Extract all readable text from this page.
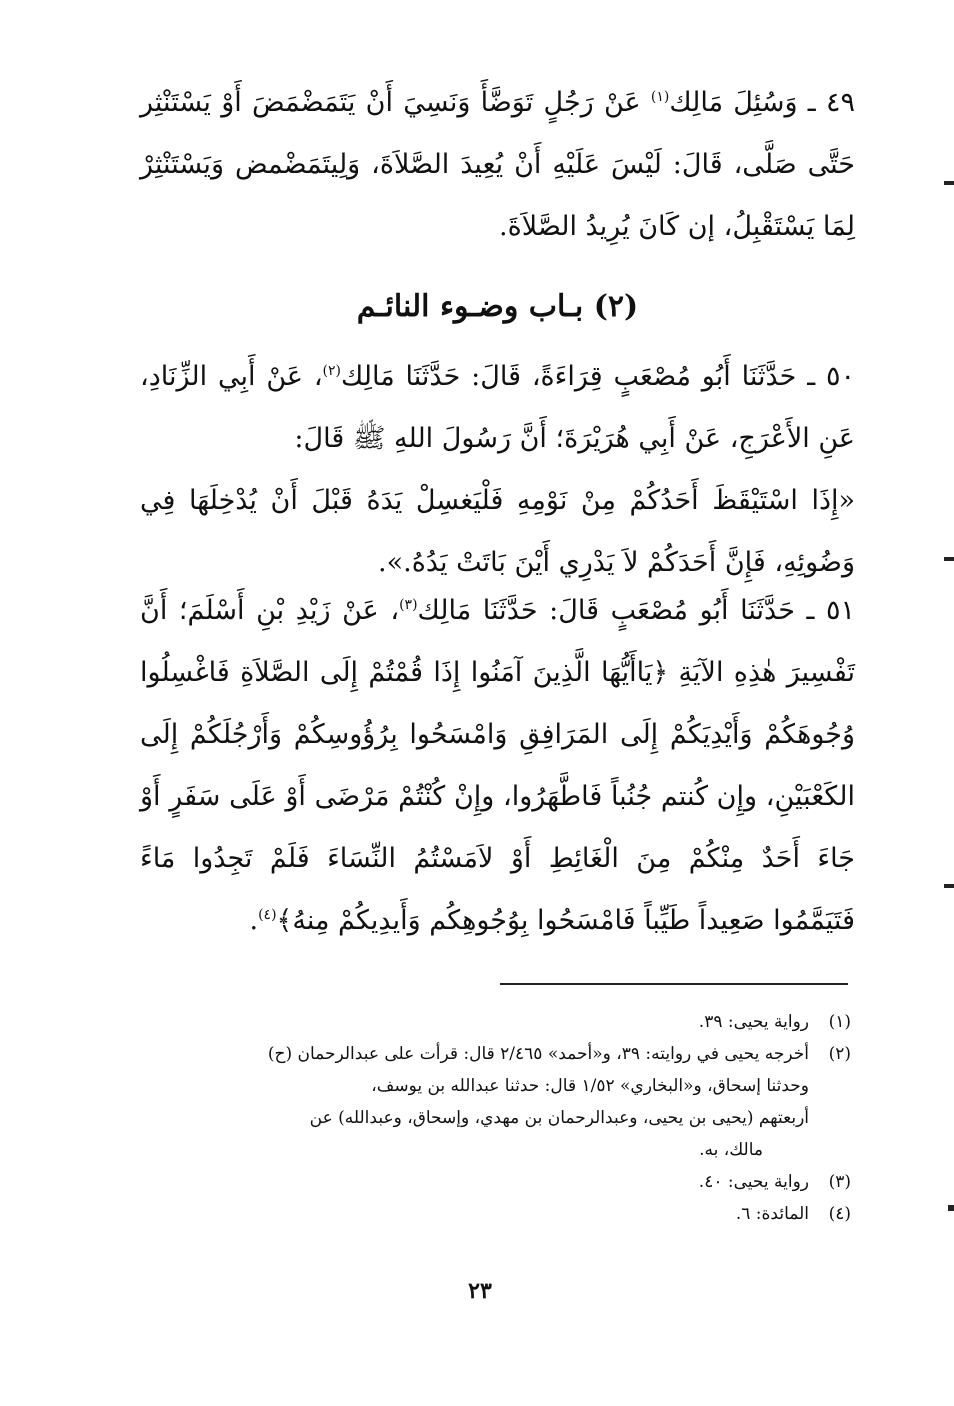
٤٩ ـ وَسُئِلَ مَالِك$^{(١)}$ عَنْ رَجُلٍ تَوَضَّأَ وَنَسِيَ أَنْ يَتَمَضْمَضَ أَوْ يَسْتَنْثِر حَتَّى صَلَّى، قَالَ: لَيْسَ عَلَيْهِ أَنْ يُعِيدَ الصَّلاَةَ، وَلِيتَمَضْمض وَيَسْتَنْثِرْ لِمَا يَسْتَقْبِلُ، إن كَانَ يُرِيدُ الصَّلاَةَ.

(٢) بـاب وضـوء النائـم

٥٠ ـ حَدَّثَنَا أَبُو مُصْعَبٍ قِرَاءَةً، قَالَ: حَدَّثَنَا مَالِك$^{(٢)}$، عَنْ أَبِي الزِّنَادِ، عَنِ الأَعْرَجِ، عَنْ أَبِي هُرَيْرَةَ؛ أَنَّ رَسُولَ اللهِ ﷺ قَالَ:
«إِذَا اسْتَيْقَظَ أَحَدُكُمْ مِنْ نَوْمِهِ فَلْيَغسِلْ يَدَهُ قَبْلَ أَنْ يُدْخِلَهَا فِي وَضُوئِهِ، فَإِنَّ أَحَدَكُمْ لاَ يَدْرِي أَيْنَ بَاتَتْ يَدُهُ.».

٥١ ـ حَدَّثَنَا أَبُو مُصْعَبٍ قَالَ: حَدَّثَنَا مَالِك$^{(٣)}$، عَنْ زَيْدِ بْنِ أَسْلَمَ؛ أَنَّ تَفْسِيرَ هٰذِهِ الآيَةِ ﴿يَاأَيُّهَا الَّذِينَ آمَنُوا إِذَا قُمْتُمْ إِلَى الصَّلاَةِ فَاغْسِلُوا وُجُوهَكُمْ وَأَيْدِيَكُمْ إِلَى المَرَافِقِ وَامْسَحُوا بِرُؤُوسِكُمْ وَأَرْجُلَكُمْ إِلَى الكَعْبَيْنِ، وإِن كُنتم جُنُباً فَاطَّهَرُوا، وإِنْ كُنْتُمْ مَرْضَى أَوْ عَلَى سَفَرٍ أَوْ جَاءَ أَحَدٌ مِنْكُمْ مِنَ الْغَائِطِ أَوْ لاَمَسْتُمُ النِّسَاءَ فَلَمْ تَجِدُوا مَاءً فَتَيَمَّمُوا صَعِيداً طَيِّباً فَامْسَحُوا بِوُجُوهِكُم وَأَيدِيكُمْ مِنهُ﴾$^{(٤)}$.

(١)
رواية يحيى: ٣٩.
(٢)
أخرجه يحيى في روايته: ٣٩، و«أحمد» ٢/٤٦٥ قال: قرأت على عبدالرحمان (ح)
وحدثنا إسحاق، و«البخاري» ١/٥٢ قال: حدثنا عبدالله بن يوسف،
أربعتهم (يحيى بن يحيى، وعبدالرحمان بن مهدي، وإسحاق، وعبدالله) عن
مالك، به.
(٣)
رواية يحيى: ٤٠.
(٤)
المائدة: ٦.
٢٣
